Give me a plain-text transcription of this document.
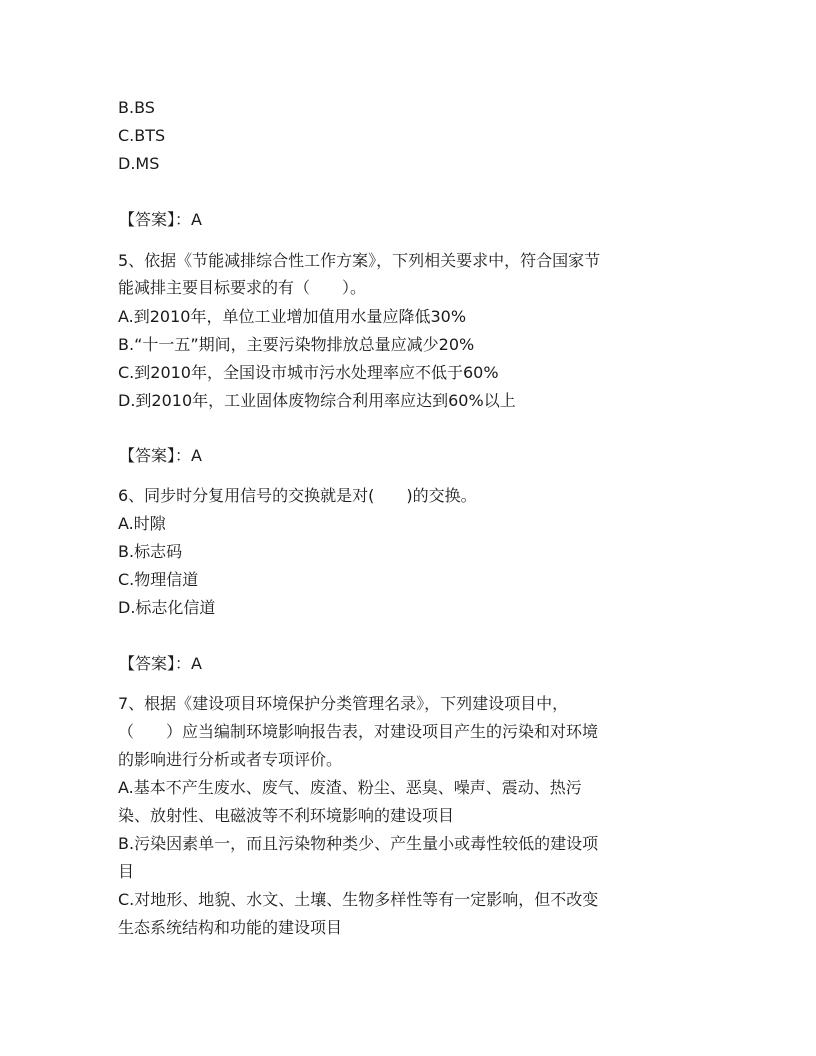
B.BS
C.BTS
D.MS
【答案】：A
5、依据《节能减排综合性工作方案》，下列相关要求中，符合国家节
能减排主要目标要求的有（　　）。
A.到2010年，单位工业增加值用水量应降低30%
B.“十一五”期间，主要污染物排放总量应减少20%
C.到2010年，全国设市城市污水处理率应不低于60%
D.到2010年，工业固体废物综合利用率应达到60%以上
【答案】：A
6、同步时分复用信号的交换就是对(　　)的交换。
A.时隙
B.标志码
C.物理信道
D.标志化信道
【答案】：A
7、根据《建设项目环境保护分类管理名录》，下列建设项目中，
（　　）应当编制环境影响报告表，对建设项目产生的污染和对环境
的影响进行分析或者专项评价。
A.基本不产生废水、废气、废渣、粉尘、恶臭、噪声、震动、热污
染、放射性、电磁波等不利环境影响的建设项目
B.污染因素单一，而且污染物种类少、产生量小或毒性较低的建设项
目
C.对地形、地貌、水文、土壤、生物多样性等有一定影响，但不改变
生态系统结构和功能的建设项目
